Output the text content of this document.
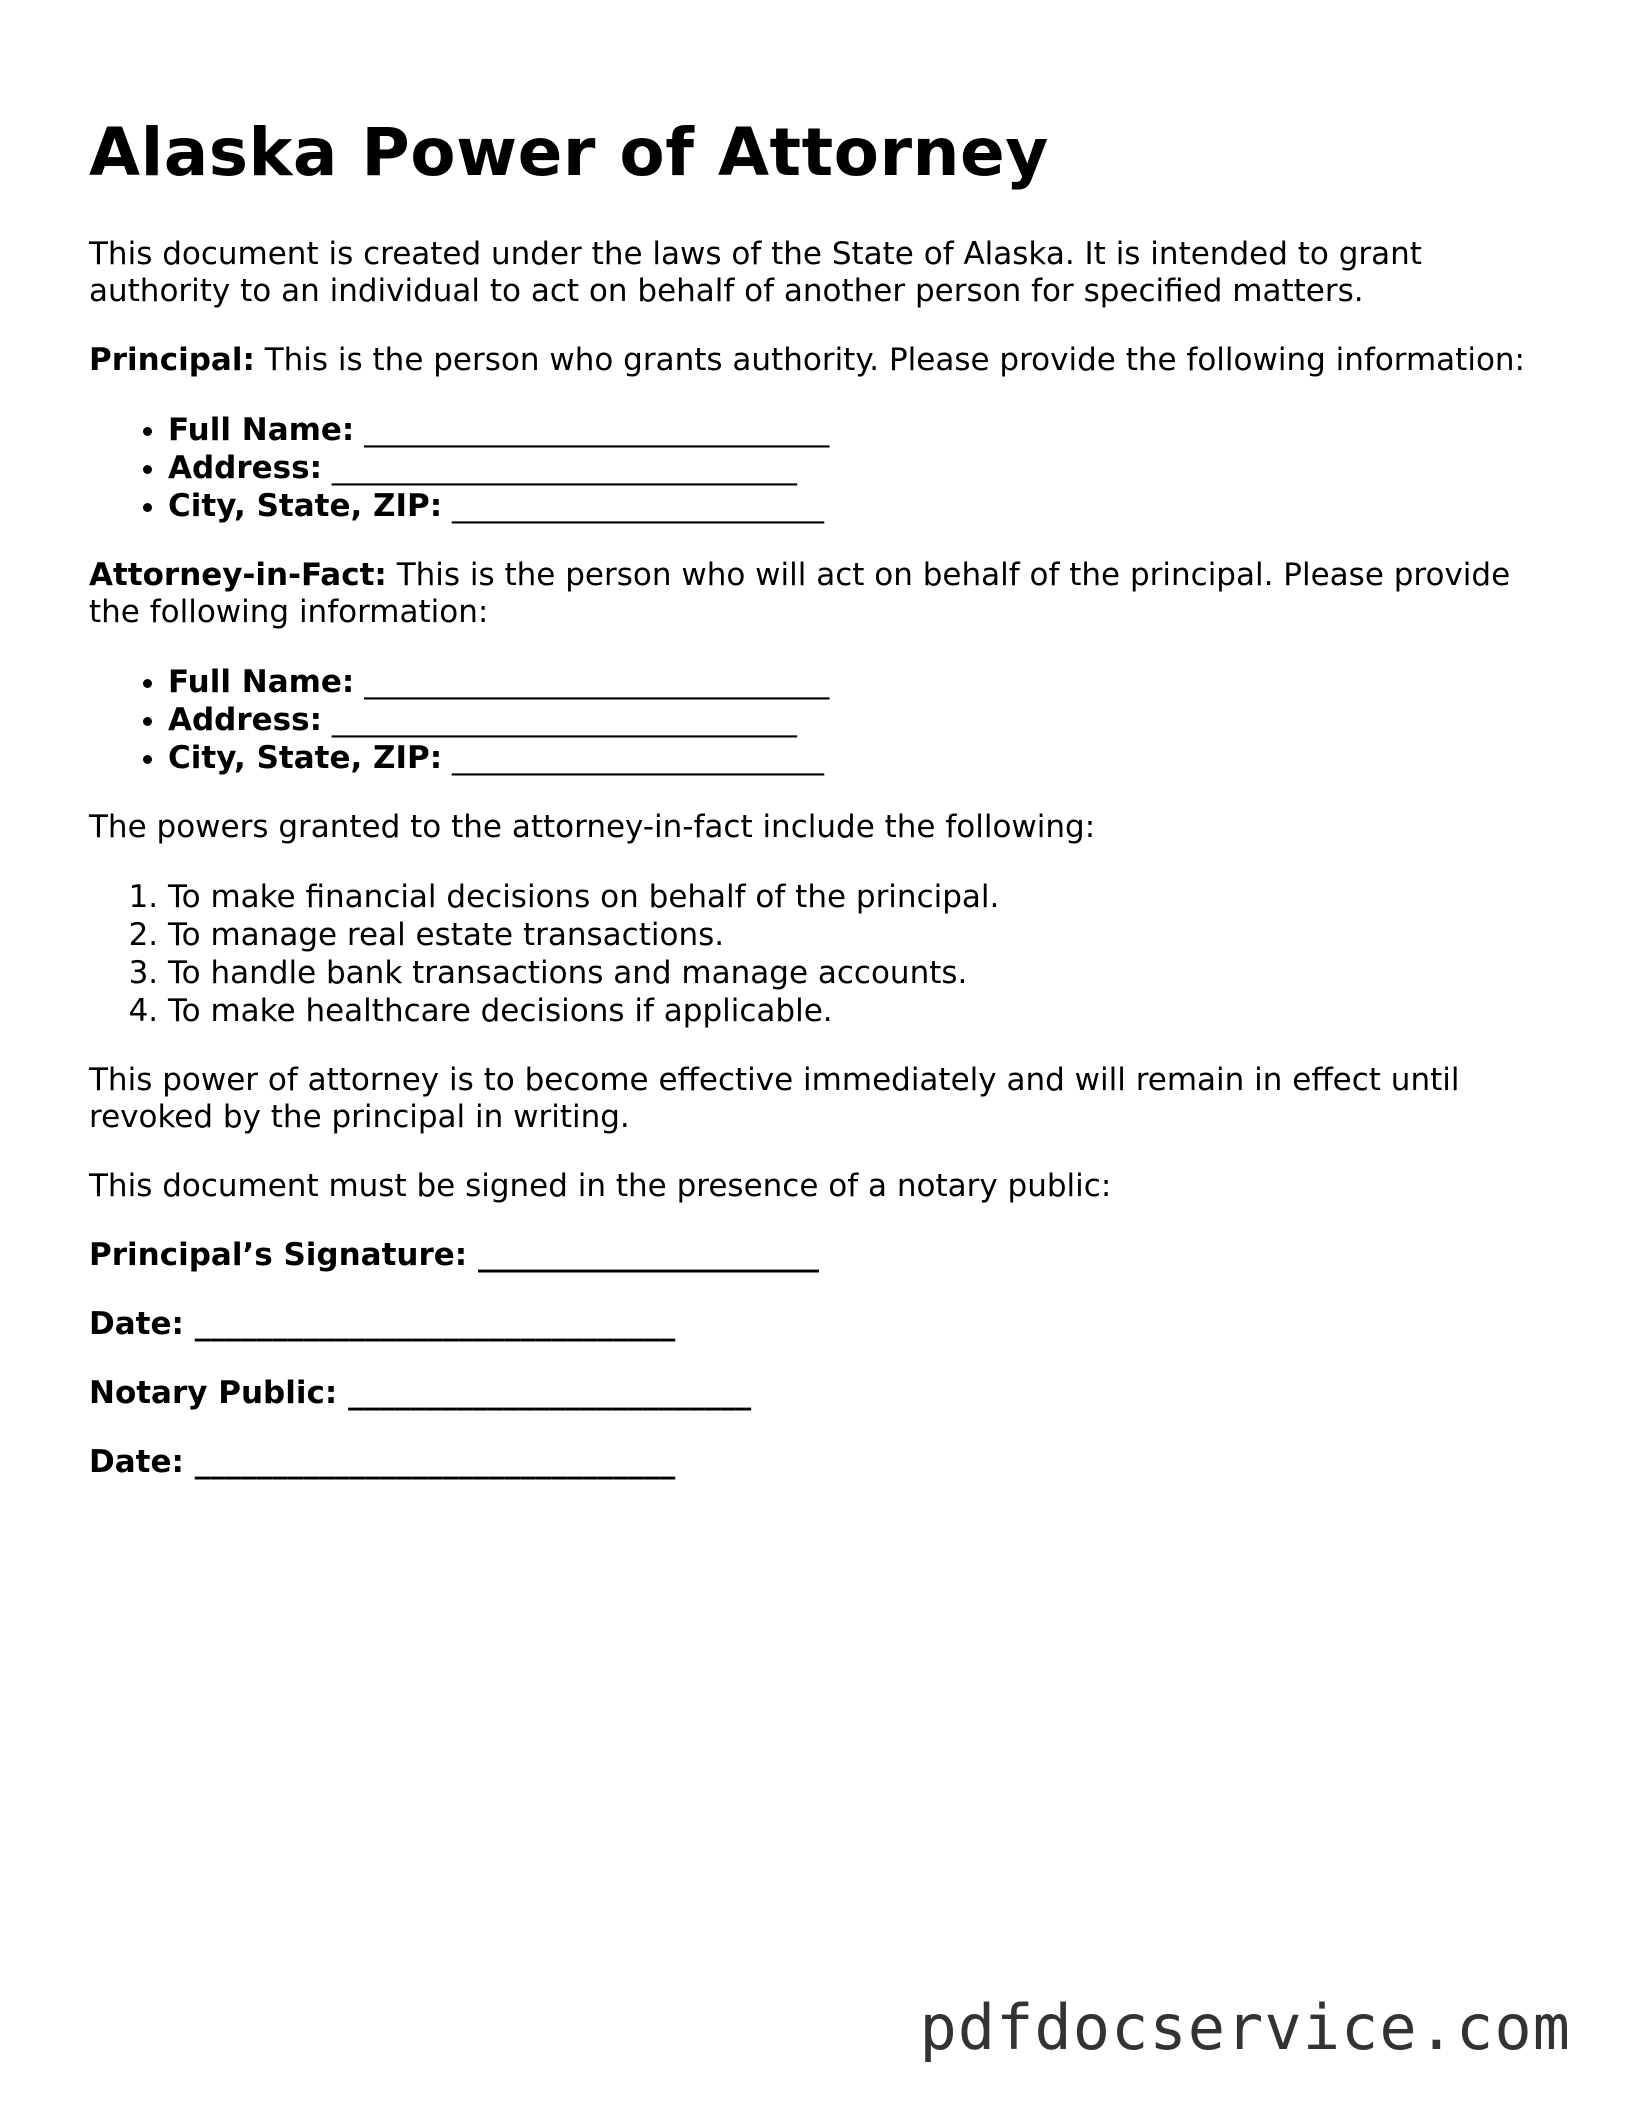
Alaska Power of Attorney

This document is created under the laws of the State of Alaska. It is intended to grant authority to an individual to act on behalf of another person for specified matters.

Principal: This is the person who grants authority. Please provide the following information:

• Full Name: ______________________________
• Address: ______________________________
• City, State, ZIP: ________________________

Attorney-in-Fact: This is the person who will act on behalf of the principal. Please provide the following information:

• Full Name: ______________________________
• Address: ______________________________
• City, State, ZIP: ________________________

The powers granted to the attorney-in-fact include the following:

1. To make financial decisions on behalf of the principal.
2. To manage real estate transactions.
3. To handle bank transactions and manage accounts.
4. To make healthcare decisions if applicable.

This power of attorney is to become effective immediately and will remain in effect until revoked by the principal in writing.

This document must be signed in the presence of a notary public:

Principal’s Signature: ______________________
Date: _______________________________
Notary Public: __________________________
Date: _______________________________
pdfdocservice.com
